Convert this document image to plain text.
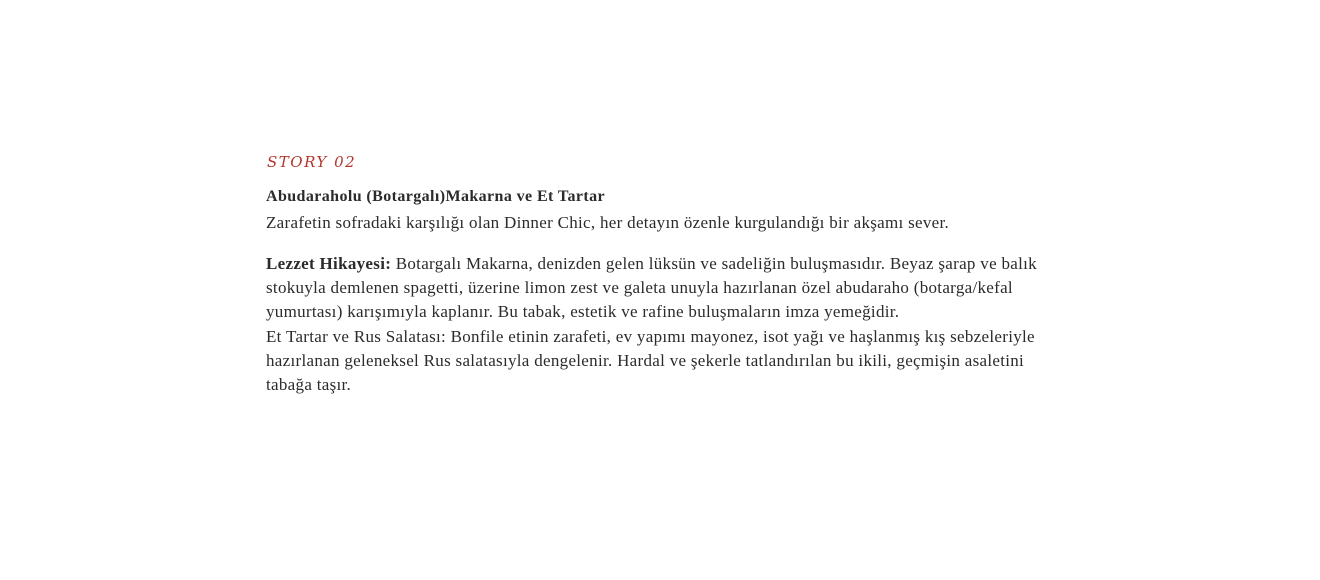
STORY 02
Abudaraholu (Botargalı)Makarna ve Et Tartar

Zarafetin sofradaki karşılığı olan Dinner Chic, her detayın özenle kurgulandığı bir akşamı sever.

Lezzet Hikayesi: Botargalı Makarna, denizden gelen lüksün ve sadeliğin buluşmasıdır. Beyaz şarap ve balık stokuyla demlenen spagetti, üzerine limon zest ve galeta unuyla hazırlanan özel abudaraho (botarga/kefal yumurtası) karışımıyla kaplanır. Bu tabak, estetik ve rafine buluşmaların imza yemeğidir.
Et Tartar ve Rus Salatası: Bonfile etinin zarafeti, ev yapımı mayonez, isot yağı ve haşlanmış kış sebzeleriyle hazırlanan geleneksel Rus salatasıyla dengelenir. Hardal ve şekerle tatlandırılan bu ikili, geçmişin asaletini tabağa taşır.
